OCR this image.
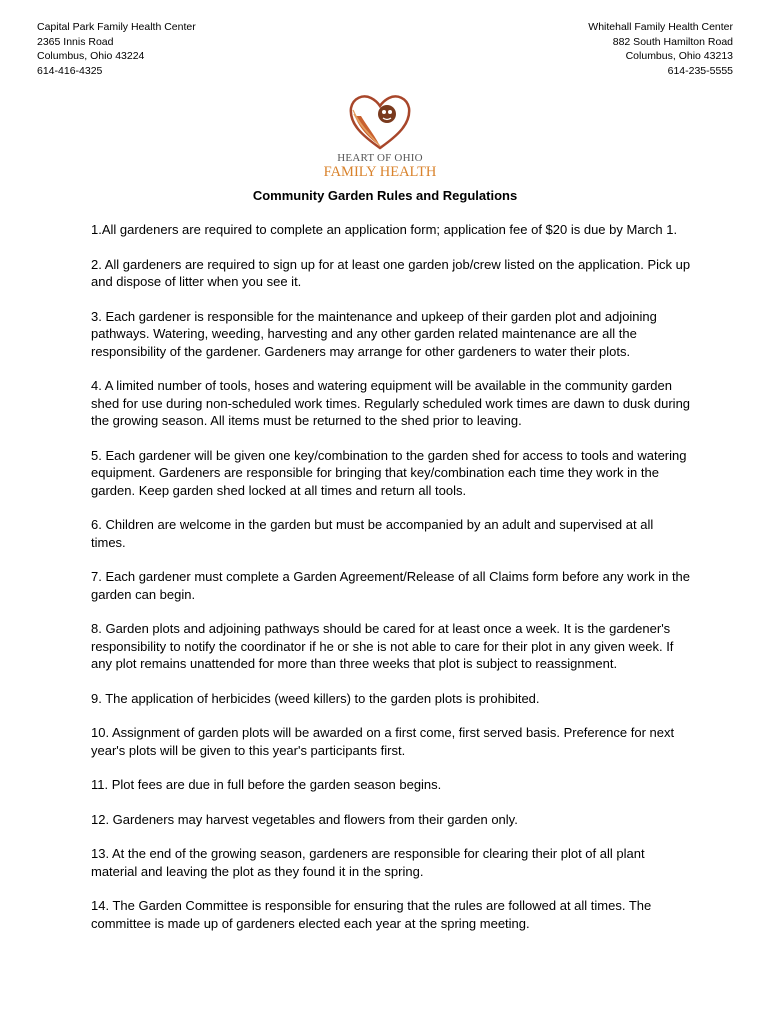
Capital Park Family Health Center
2365 Innis Road
Columbus, Ohio 43224
614-416-4325
Whitehall Family Health Center
882 South Hamilton Road
Columbus, Ohio 43213
614-235-5555
HEART OF OHIO
FAMILY HEALTH
Community Garden Rules and Regulations

1.All gardeners are required to complete an application form; application fee of $20 is due by March 1.

2. All gardeners are required to sign up for at least one garden job/crew listed on the application. Pick up and dispose of litter when you see it.

3. Each gardener is responsible for the maintenance and upkeep of their garden plot and adjoining pathways. Watering, weeding, harvesting and any other garden related maintenance are all the responsibility of the gardener. Gardeners may arrange for other gardeners to water their plots.

4. A limited number of tools, hoses and watering equipment will be available in the community garden shed for use during non-scheduled work times. Regularly scheduled work times are dawn to dusk during the growing season. All items must be returned to the shed prior to leaving.

5. Each gardener will be given one key/combination to the garden shed for access to tools and watering equipment. Gardeners are responsible for bringing that key/combination each time they work in the garden. Keep garden shed locked at all times and return all tools.

6. Children are welcome in the garden but must be accompanied by an adult and supervised at all times.

7. Each gardener must complete a Garden Agreement/Release of all Claims form before any work in the garden can begin.

8. Garden plots and adjoining pathways should be cared for at least once a week. It is the gardener's responsibility to notify the coordinator if he or she is not able to care for their plot in any given week. If any plot remains unattended for more than three weeks that plot is subject to reassignment.

9. The application of herbicides (weed killers) to the garden plots is prohibited.

10. Assignment of garden plots will be awarded on a first come, first served basis. Preference for next year's plots will be given to this year's participants first.

11. Plot fees are due in full before the garden season begins.

12. Gardeners may harvest vegetables and flowers from their garden only.

13. At the end of the growing season, gardeners are responsible for clearing their plot of all plant material and leaving the plot as they found it in the spring.

14. The Garden Committee is responsible for ensuring that the rules are followed at all times. The committee is made up of gardeners elected each year at the spring meeting.
